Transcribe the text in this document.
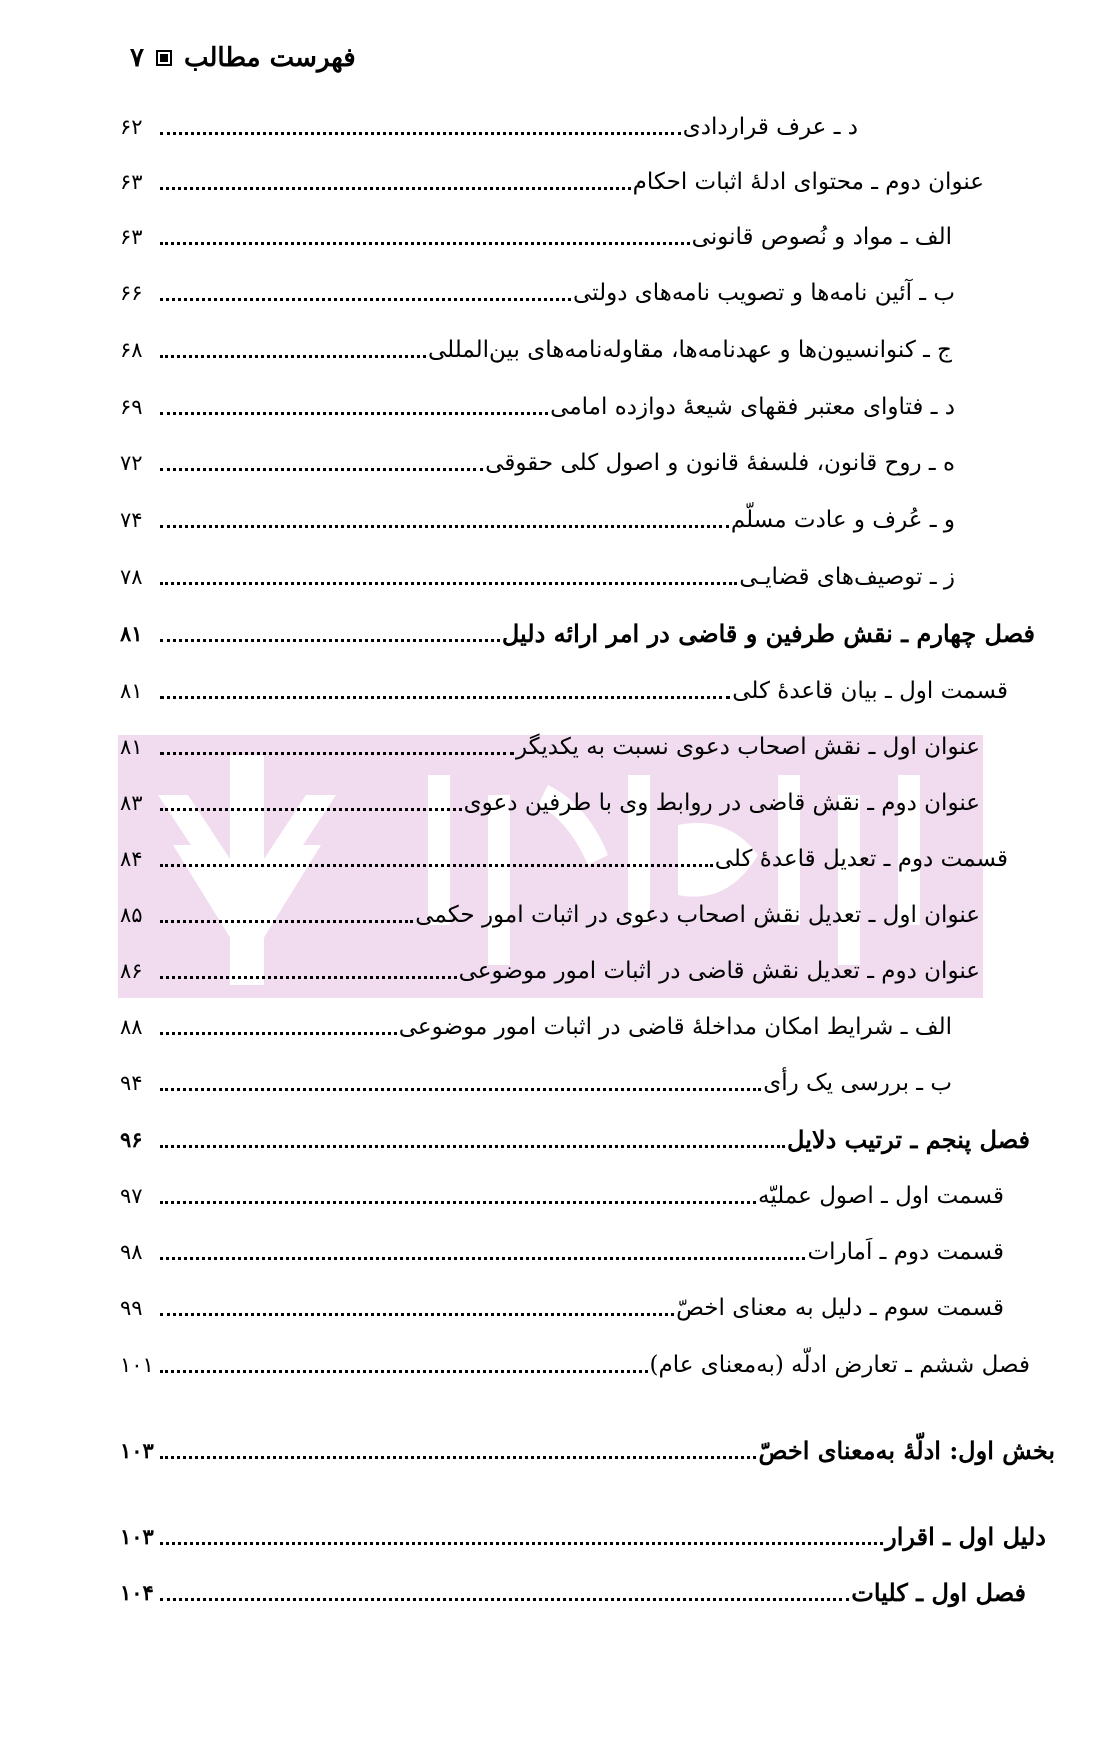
۷ فهرست مطالب
د ـ عرف قراردادی
۶۲
عنوان دوم ـ محتوای ادلۀ اثبات احکام
۶۳
الف ـ مواد و نُصوص قانونی
۶۳
ب ـ آئین نامه‌ها و تصویب نامه‌های دولتی
۶۶
ج ـ کنوانسیون‌ها و عهدنامه‌ها، مقاوله‌نامه‌های بین‌المللی
۶۸
د ـ فتاوای معتبر فقهای شیعۀ دوازده امامی
۶۹
ه ـ روح قانون، فلسفۀ قانون و اصول کلی حقوقی
۷۲
و ـ عُرف و عادت مسلّم
۷۴
ز ـ توصیف‌های قضایـی
۷۸
فصل چهارم ـ نقش طرفین و قاضی در امر ارائه دلیل
۸۱
قسمت اول ـ بیان قاعدۀ کلی
۸۱
عنوان اول ـ نقش اصحاب دعوی نسبت به یکدیگر
۸۱
عنوان دوم ـ نقش قاضی در روابط وی با طرفین دعوی
۸۳
قسمت دوم ـ تعدیل قاعدۀ کلی
۸۴
عنوان اول ـ تعدیل نقش اصحاب دعوی در اثبات امور حکمی
۸۵
عنوان دوم ـ تعدیل نقش قاضی در اثبات امور موضوعی
۸۶
الف ـ شرایط امکان مداخلۀ قاضی در اثبات امور موضوعی
۸۸
ب ـ بررسی یک رأی
۹۴
فصل پنجم ـ ترتیب دلایل
۹۶
قسمت اول ـ اصول عملیّه
۹۷
قسمت دوم ـ اَمارات
۹۸
قسمت سوم ـ دلیل به معنای اخصّ
۹۹
فصل ششم ـ تعارض ادلّه (به‌معنای عام)
۱۰۱
بخش اول: ادلّۀ به‌معنای اخصّ
۱۰۳
دلیل اول ـ اقرار
۱۰۳
فصل اول ـ کلیات
۱۰۴
